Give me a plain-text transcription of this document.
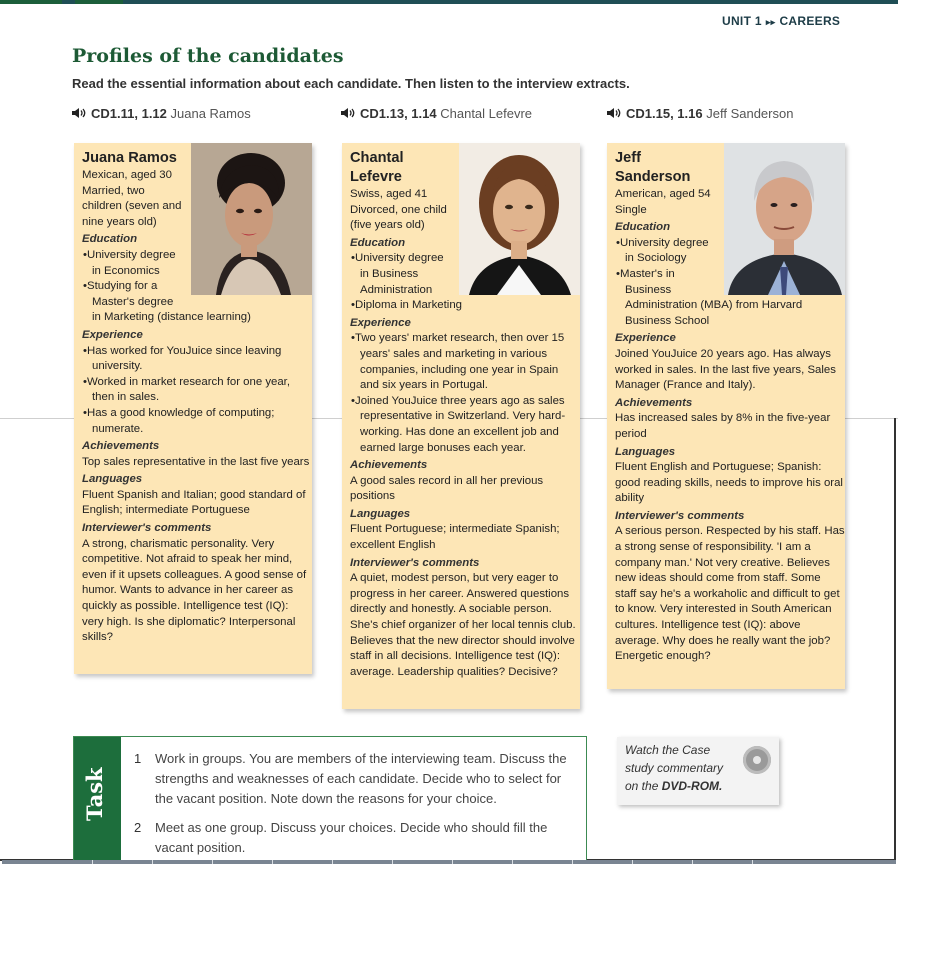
UNIT 1 ▸▸ CAREERS
Profiles of the candidates
Read the essential information about each candidate. Then listen to the interview extracts.
CD1.11, 1.12 Juana Ramos	CD1.13, 1.14 Chantal Lefevre	CD1.15, 1.16 Jeff Sanderson

Juana Ramos

Mexican, aged 30

Married, two children (seven and nine years old)

Education
• University degree in Economics
• Studying for a Master's degree in Marketing (distance learning)
Experience
• Has worked for YouJuice since leaving university.
• Worked in market research for one year, then in sales.
• Has a good knowledge of computing; numerate.
Achievements

Top sales representative in the last five years

Languages

Fluent Spanish and Italian; good standard of English; intermediate Portuguese

Interviewer's comments

A strong, charismatic personality. Very competitive. Not afraid to speak her mind, even if it upsets colleagues. A good sense of humor. Wants to advance in her career as quickly as possible. Intelligence test (IQ): very high. Is she diplomatic? Interpersonal skills?

Chantal Lefevre

Swiss, aged 41

Divorced, one child (five years old)

Education
• University degree in Business Administration
• Diploma in Marketing
Experience
• Two years' market research, then over 15 years' sales and marketing in various companies, including one year in Spain and six years in Portugal.
• Joined YouJuice three years ago as sales representative in Switzerland. Very hard-working. Has done an excellent job and earned large bonuses each year.
Achievements

A good sales record in all her previous positions

Languages

Fluent Portuguese; intermediate Spanish; excellent English

Interviewer's comments

A quiet, modest person, but very eager to progress in her career. Answered questions directly and honestly. A sociable person. She's chief organizer of her local tennis club. Believes that the new director should involve staff in all decisions. Intelligence test (IQ): average. Leadership qualities? Decisive?

Jeff Sanderson

American, aged 54

Single

Education
• University degree in Sociology
• Master's in Business Administration (MBA) from Harvard Business School
Experience

Joined YouJuice 20 years ago. Has always worked in sales. In the last five years, Sales Manager (France and Italy).

Achievements

Has increased sales by 8% in the five-year period

Languages

Fluent English and Portuguese; Spanish: good reading skills, needs to improve his oral ability

Interviewer's comments

A serious person. Respected by his staff. Has a strong sense of responsibility. 'I am a company man.' Not very creative. Believes new ideas should come from staff. Some staff say he's a workaholic and difficult to get to know. Very interested in South American cultures. Intelligence test (IQ): above average. Why does he really want the job? Energetic enough?

Task
1 Work in groups. You are members of the interviewing team. Discuss the strengths and weaknesses of each candidate. Decide who to select for the vacant position. Note down the reasons for your choice.
2 Meet as one group. Discuss your choices. Decide who should fill the vacant position.
Watch the Case study commentary on the DVD-ROM.
